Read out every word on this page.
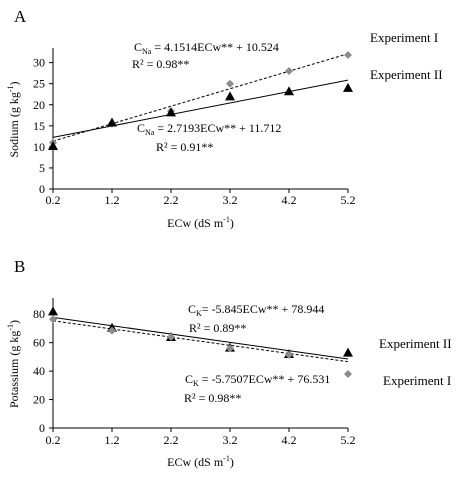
A
0
5
10
15
20
25
30
0.2	1.2	2.2	3.2	4.2	5.2
ECw (dS $m^{-1}$)
Sodium (g $kg^{-1}$)
Experiment I
$C_{Na} = 4.1514ECw** + 10.524$
R² = 0.98**
Experiment II
$C_{Na} = 2.7193ECw** + 11.712$
R² = 0.91**
B
0
20
40
60
80
0.2	1.2	2.2	3.2	4.2	5.2
ECw (dS $m^{-1}$)
Potassium (g $kg^{-1}$)
Experiment II
$C_K= -5.845ECw** + 78.944$
R² = 0.89**
Experiment I
$C_K = -5.7507ECw** + 76.531$
R² = 0.98**
